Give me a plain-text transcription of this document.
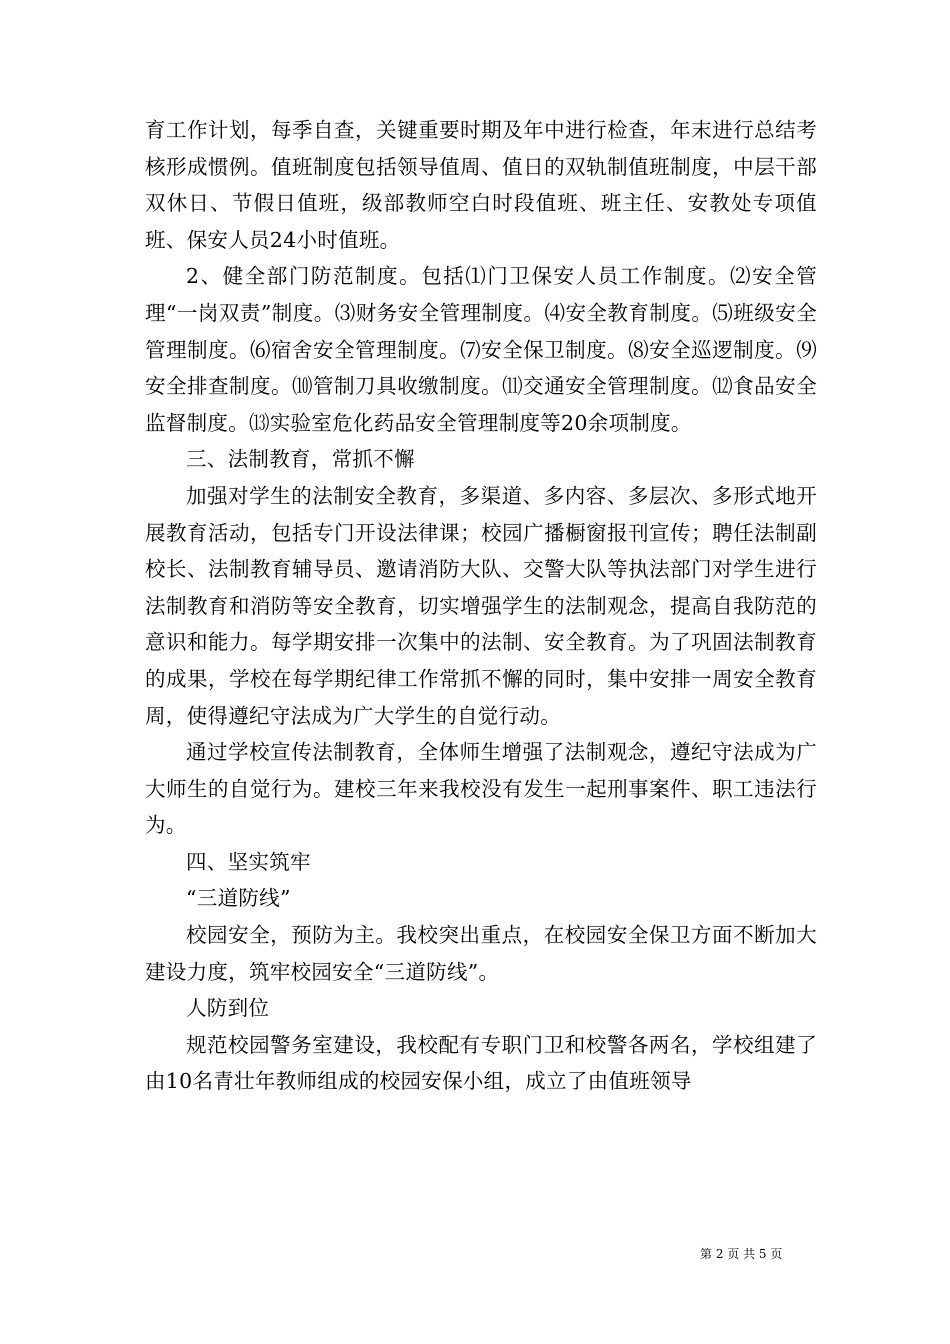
育工作计划，每季自查，关键重要时期及年中进行检查，年末进行总结考核形成惯例。值班制度包括领导值周、值日的双轨制值班制度，中层干部双休日、节假日值班，级部教师空白时段值班、班主任、安教处专项值班、保安人员24小时值班。

2、健全部门防范制度。包括⑴门卫保安人员工作制度。⑵安全管理“一岗双责”制度。⑶财务安全管理制度。⑷安全教育制度。⑸班级安全管理制度。⑹宿舍安全管理制度。⑺安全保卫制度。⑻安全巡逻制度。⑼安全排查制度。⑽管制刀具收缴制度。⑾交通安全管理制度。⑿食品安全监督制度。⒀实验室危化药品安全管理制度等20余项制度。

三、法制教育，常抓不懈

加强对学生的法制安全教育，多渠道、多内容、多层次、多形式地开展教育活动，包括专门开设法律课；校园广播橱窗报刊宣传；聘任法制副校长、法制教育辅导员、邀请消防大队、交警大队等执法部门对学生进行法制教育和消防等安全教育，切实增强学生的法制观念，提高自我防范的意识和能力。每学期安排一次集中的法制、安全教育。为了巩固法制教育的成果，学校在每学期纪律工作常抓不懈的同时，集中安排一周安全教育周，使得遵纪守法成为广大学生的自觉行动。

通过学校宣传法制教育，全体师生增强了法制观念，遵纪守法成为广大师生的自觉行为。建校三年来我校没有发生一起刑事案件、职工违法行为。

四、坚实筑牢

“三道防线”

校园安全，预防为主。我校突出重点，在校园安全保卫方面不断加大建设力度，筑牢校园安全“三道防线”。

人防到位

规范校园警务室建设，我校配有专职门卫和校警各两名，学校组建了由10名青壮年教师组成的校园安保小组，成立了由值班领导

第 2 页 共 5 页
